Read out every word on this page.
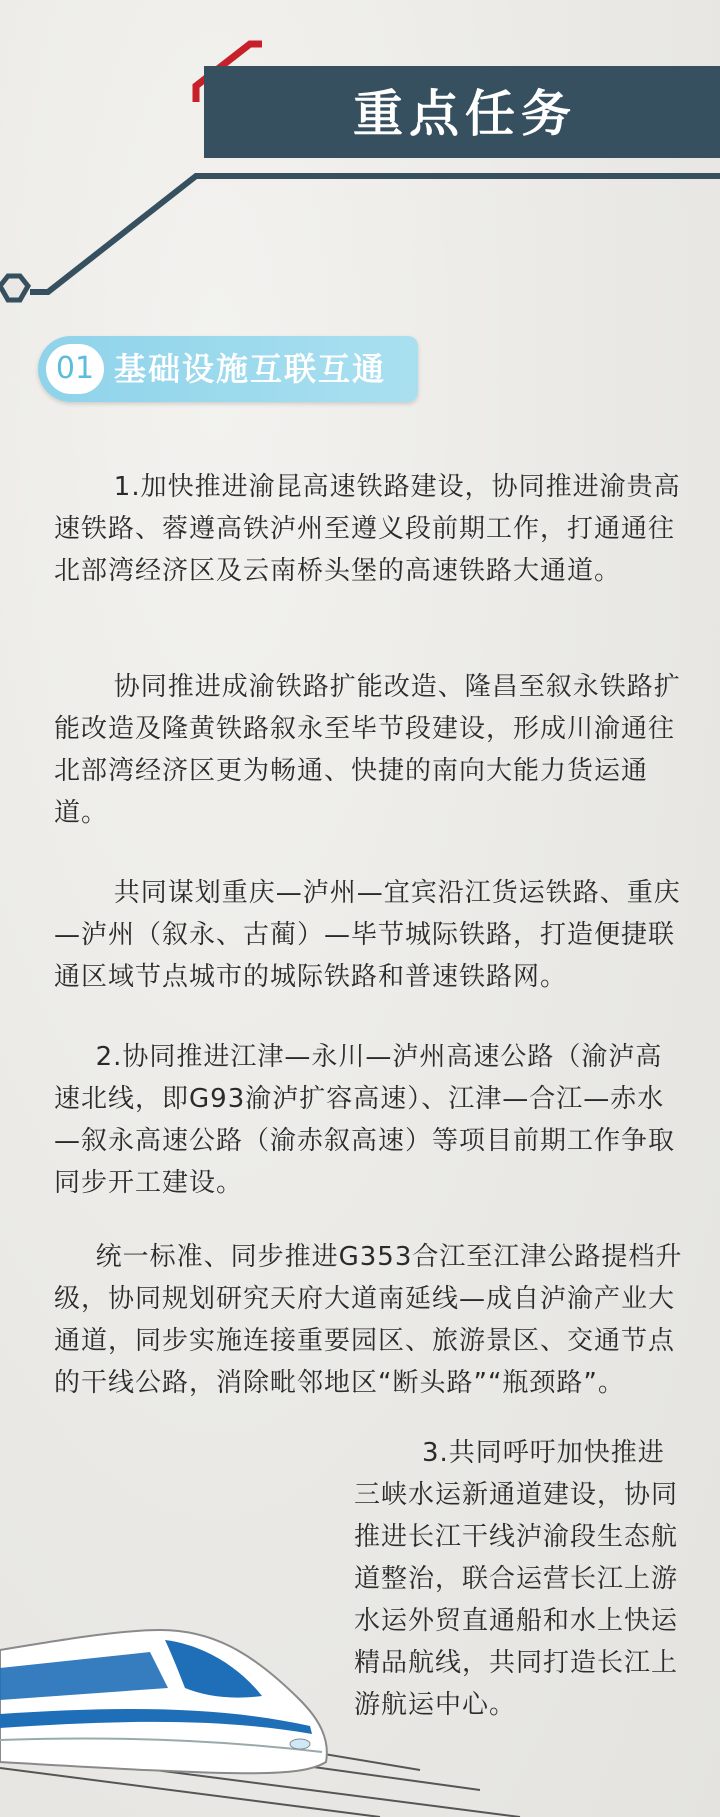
重点任务
01 基础设施互联互通
1.加快推进渝昆高速铁路建设，协同推进渝贵高速铁路、蓉遵高铁泸州至遵义段前期工作，打通通往北部湾经济区及云南桥头堡的高速铁路大通道。
协同推进成渝铁路扩能改造、隆昌至叙永铁路扩能改造及隆黄铁路叙永至毕节段建设，形成川渝通往北部湾经济区更为畅通、快捷的南向大能力货运通道。
共同谋划重庆—泸州—宜宾沿江货运铁路、重庆—泸州（叙永、古蔺）—毕节城际铁路，打造便捷联通区域节点城市的城际铁路和普速铁路网。
2.协同推进江津—永川—泸州高速公路（渝泸高速北线，即G93渝泸扩容高速）、江津—合江—赤水—叙永高速公路（渝赤叙高速）等项目前期工作争取同步开工建设。
统一标准、同步推进G353合江至江津公路提档升级，协同规划研究天府大道南延线—成自泸渝产业大通道，同步实施连接重要园区、旅游景区、交通节点的干线公路，消除毗邻地区“断头路”“瓶颈路”。
3.共同呼吁加快推进
三峡水运新通道建设，协同推进长江干线泸渝段生态航道整治，联合运营长江上游水运外贸直通船和水上快运精品航线，共同打造长江上游航运中心。
